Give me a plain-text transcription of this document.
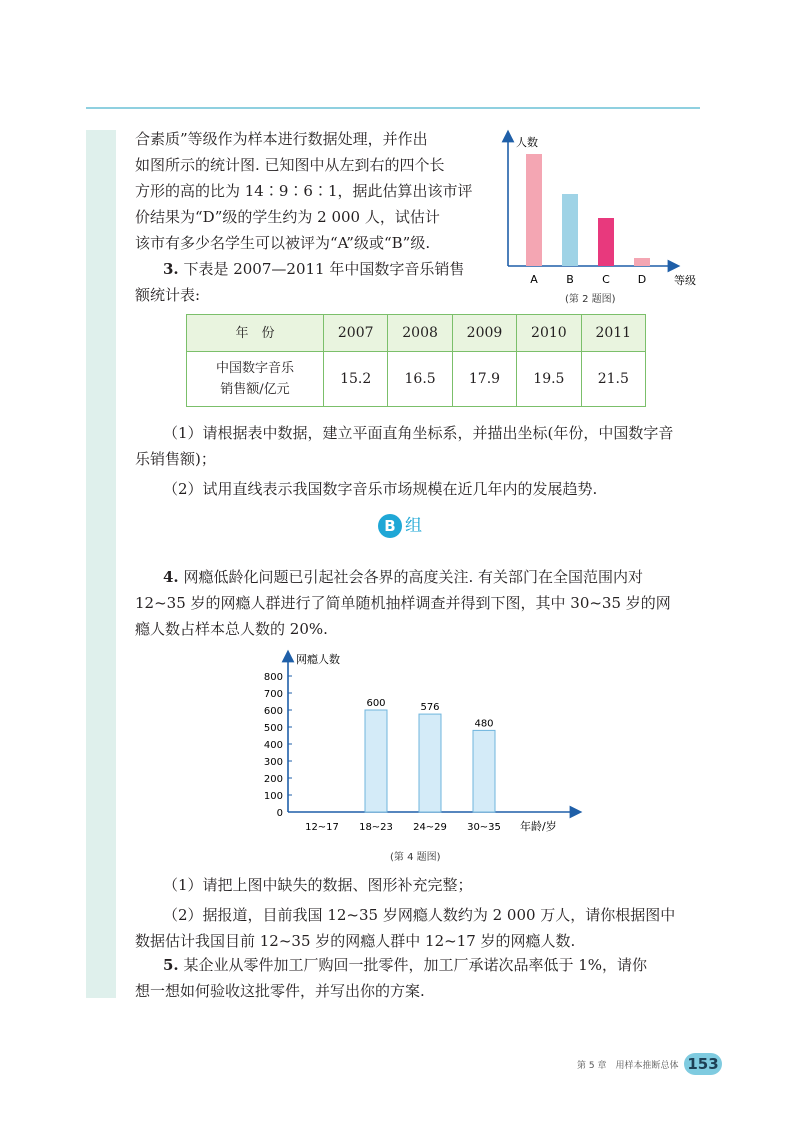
合素质”等级作为样本进行数据处理，并作出
如图所示的统计图. 已知图中从左到右的四个长
方形的高的比为 14∶9∶6∶1，据此估算出该市评
价结果为“D”级的学生约为 2 000 人，试估计
该市有多少名学生可以被评为“A”级或“B”级.
3. 下表是 2007—2011 年中国数字音乐销售
额统计表:
人数
等级
A	B	C	D
(第 2 题图)
年　份	2007	2008	2009	2010	2011

中国数字音乐
销售额/亿元	15.2	16.5	17.9	19.5	21.5
（1）请根据表中数据，建立平面直角坐标系，并描出坐标(年份，中国数字音
乐销售额)；
（2）试用直线表示我国数字音乐市场规模在近几年内的发展趋势.
B 组
4. 网瘾低龄化问题已引起社会各界的高度关注. 有关部门在全国范围内对
12~35 岁的网瘾人群进行了简单随机抽样调查并得到下图，其中 30~35 岁的网
瘾人数占样本总人数的 20%.
网瘾人数
年龄/岁
0
100
200
300
400
500
600
700
800
600	576
480
12~17 18~23 24~29 30~35
(第 4 题图)
（1）请把上图中缺失的数据、图形补充完整；
（2）据报道，目前我国 12~35 岁网瘾人数约为 2 000 万人，请你根据图中
数据估计我国目前 12~35 岁的网瘾人群中 12~17 岁的网瘾人数.
5. 某企业从零件加工厂购回一批零件，加工厂承诺次品率低于 1%，请你
想一想如何验收这批零件，并写出你的方案.
第 5 章　用样本推断总体 153
